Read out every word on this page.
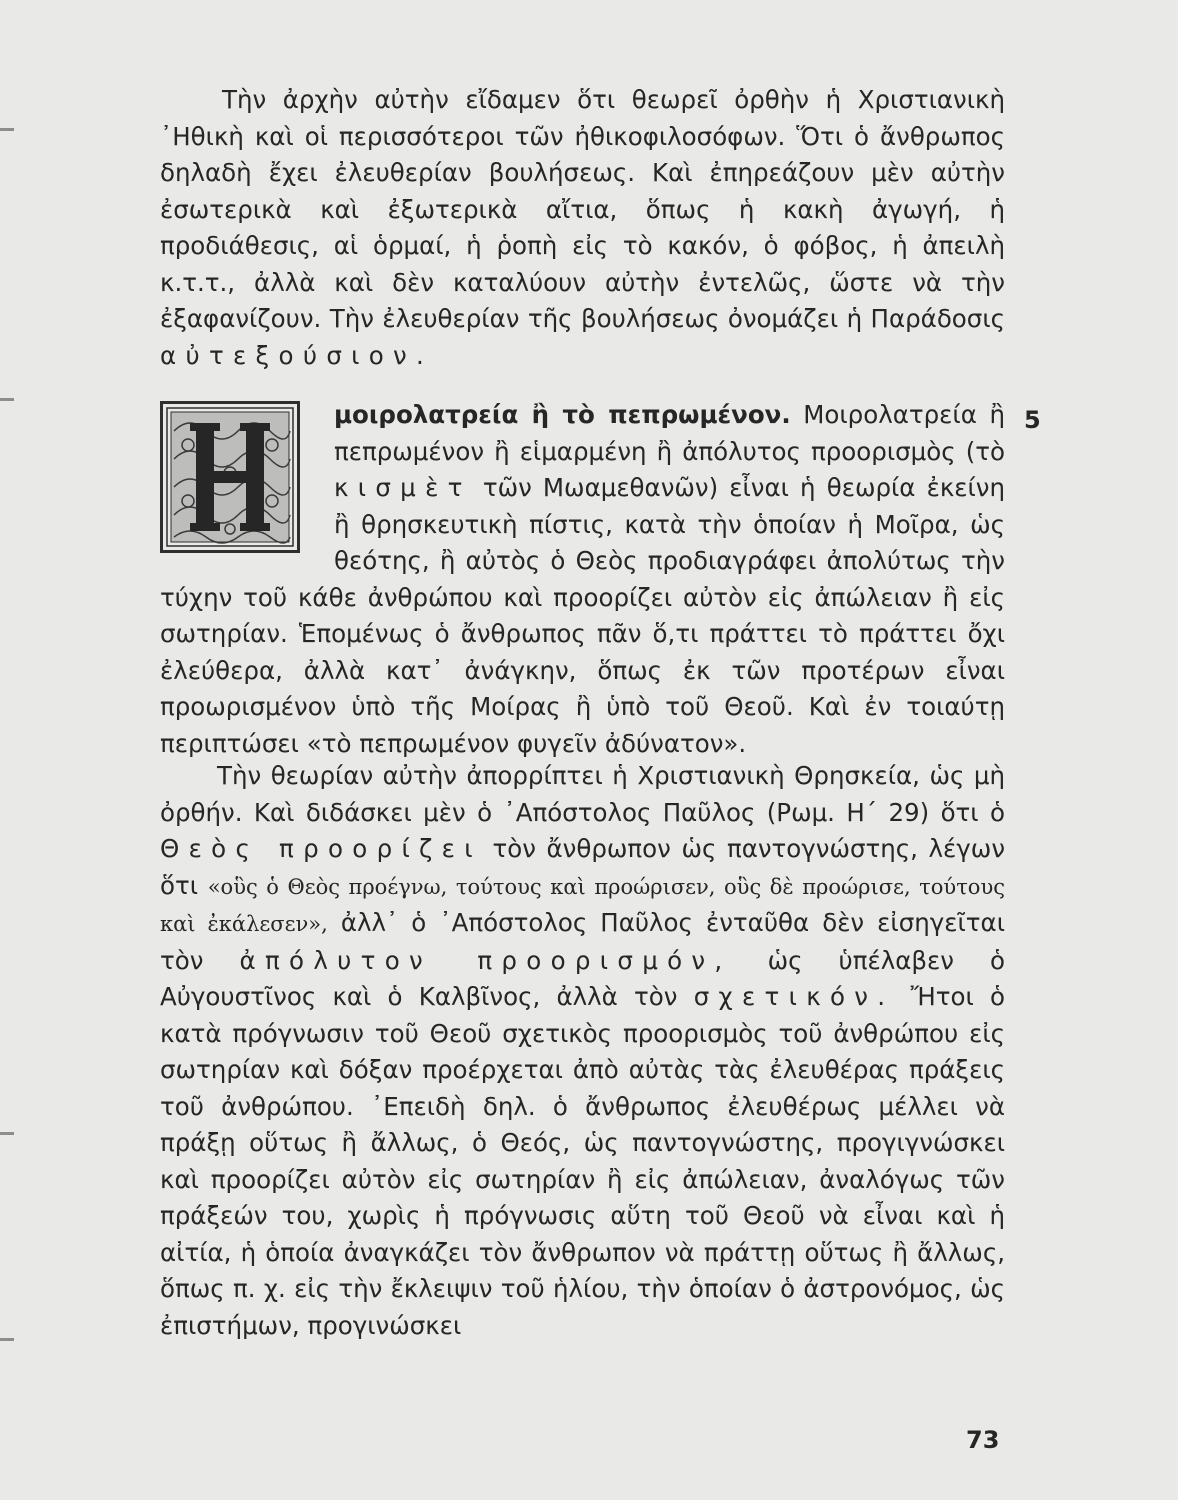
Τὴν ἀρχὴν αὐτὴν εἴδαμεν ὅτι θεωρεῖ ὀρθὴν ἡ Χριστιανικὴ ᾿Ηθικὴ καὶ οἱ περισσότεροι τῶν ἠθικοφιλοσόφων. Ὅτι ὁ ἄνθρωπος δηλαδὴ ἔχει ἐλευθερίαν βουλήσεως. Καὶ ἐπηρεάζουν μὲν αὐτὴν ἐσωτερικὰ καὶ ἐξωτερικὰ αἴτια, ὅπως ἡ κακὴ ἀγωγή, ἡ προδιάθεσις, αἱ ὁρμαί, ἡ ῥοπὴ εἰς τὸ κακόν, ὁ φόβος, ἡ ἀπειλὴ κ.τ.τ., ἀλλὰ καὶ δὲν καταλύουν αὐτὴν ἐντελῶς, ὥστε νὰ τὴν ἐξαφανίζουν. Τὴν ἐλευθερίαν τῆς βουλήσεως ὀνομάζει ἡ Παράδοσις αὐτεξούσιον.

μοιρολατρεία ἢ τὸ πεπρωμένον. Μοιρολατρεία ἢ πεπρωμένον ἢ εἱμαρμένη ἢ ἀπόλυτος προορισμὸς (τὸ κισμὲτ τῶν Μωαμεθανῶν) εἶναι ἡ θεωρία ἐκείνη ἢ θρησκευτικὴ πίστις, κατὰ τὴν ὁποίαν ἡ Μοῖρα, ὡς θεότης, ἢ αὐτὸς ὁ Θεὸς προδιαγράφει ἀπολύτως τὴν τύχην τοῦ κάθε ἀνθρώπου καὶ προορίζει αὐτὸν εἰς ἀπώλειαν ἢ εἰς σωτηρίαν. Ἑπομένως ὁ ἄνθρωπος πᾶν ὅ,τι πράττει τὸ πράττει ὄχι ἐλεύθερα, ἀλλὰ κατ᾿ ἀνάγκην, ὅπως ἐκ τῶν προτέρων εἶναι προωρισμένον ὑπὸ τῆς Μοίρας ἢ ὑπὸ τοῦ Θεοῦ. Καὶ ἐν τοιαύτῃ περιπτώσει «τὸ πεπρωμένον φυγεῖν ἀδύνατον».

Τὴν θεωρίαν αὐτὴν ἀπορρίπτει ἡ Χριστιανικὴ Θρησκεία, ὡς μὴ ὀρθήν. Καὶ διδάσκει μὲν ὁ ᾿Απόστολος Παῦλος (Ρωμ. Η΄ 29) ὅτι ὁ Θεὸς προορίζει τὸν ἄνθρωπον ὡς παντογνώστης, λέγων ὅτι «οὓς ὁ Θεὸς προέγνω, τούτους καὶ προώρισεν, οὓς δὲ προώρισε, τούτους καὶ ἐκάλεσεν», ἀλλ᾿ ὁ ᾿Απόστολος Παῦλος ἐνταῦθα δὲν εἰσηγεῖται τὸν ἀπόλυτον προορισμόν, ὡς ὑπέλαβεν ὁ Αὐγουστῖνος καὶ ὁ Καλβῖνος, ἀλλὰ τὸν σχετικόν. Ἤτοι ὁ κατὰ πρόγνωσιν τοῦ Θεοῦ σχετικὸς προορισμὸς τοῦ ἀνθρώπου εἰς σωτηρίαν καὶ δόξαν προέρχεται ἀπὸ αὐτὰς τὰς ἐλευθέρας πράξεις τοῦ ἀνθρώπου. ᾿Επειδὴ δηλ. ὁ ἄνθρωπος ἐλευθέρως μέλλει νὰ πράξῃ οὕτως ἢ ἄλλως, ὁ Θεός, ὡς παντογνώστης, προγιγνώσκει καὶ προορίζει αὐτὸν εἰς σωτηρίαν ἢ εἰς ἀπώλειαν, ἀναλόγως τῶν πράξεών του, χωρὶς ἡ πρόγνωσις αὕτη τοῦ Θεοῦ νὰ εἶναι καὶ ἡ αἰτία, ἡ ὁποία ἀναγκάζει τὸν ἄνθρωπον νὰ πράττῃ οὕτως ἢ ἄλλως, ὅπως π. χ. εἰς τὴν ἔκλειψιν τοῦ ἡλίου, τὴν ὁποίαν ὁ ἀστρονόμος, ὡς ἐπιστήμων, προγινώσκει

5
73
